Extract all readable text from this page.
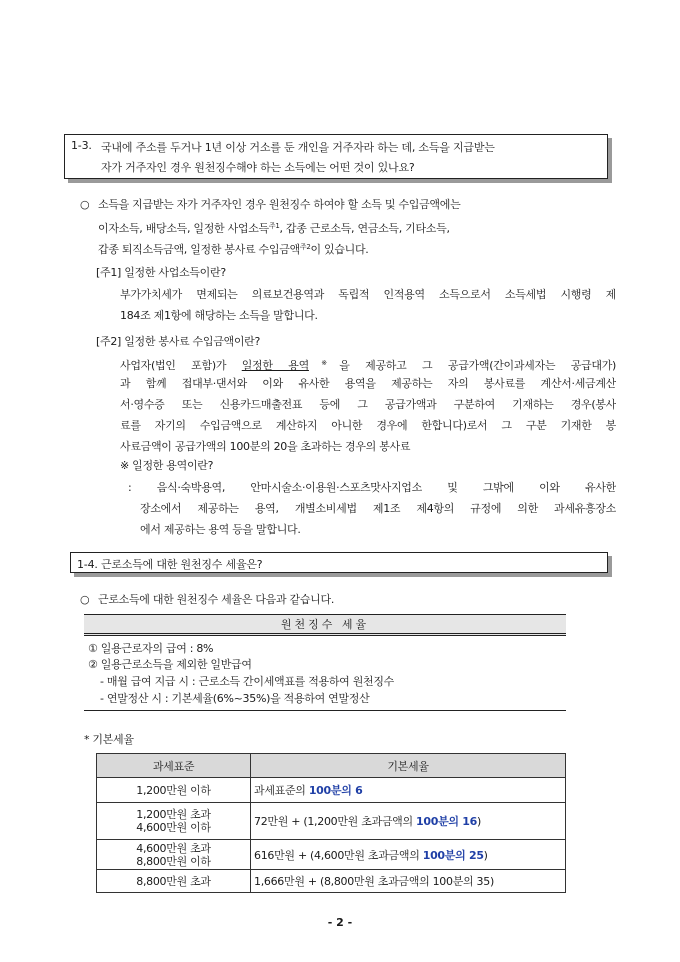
1-3. 국내에 주소를 두거나 1년 이상 거소를 둔 개인을 거주자라 하는 데, 소득을 지급받는
자가 거주자인 경우 원천징수해야 하는 소득에는 어떤 것이 있나요?
○ 소득을 지급받는 자가 거주자인 경우 원천징수 하여야 할 소득 및 수입금액에는
이자소득, 배당소득, 일정한 사업소득$^{주1}$, 갑종 근로소득, 연금소득, 기타소득,
갑종 퇴직소득금액, 일정한 봉사료 수입금액$^{주2}$이 있습니다.
[주1] 일정한 사업소득이란?
부가가치세가 면제되는 의료보건용역과 독립적 인적용역 소득으로서 소득세법 시행령 제
184조 제1항에 해당하는 소득을 말합니다.
[주2] 일정한 봉사료 수입금액이란?
사업자(법인 포함)가 일정한 용역※을 제공하고 그 공급가액(간이과세자는 공급대가)
과 함께 접대부·댄서와 이와 유사한 용역을 제공하는 자의 봉사료를 계산서·세금계산
서·영수증 또는 신용카드매출전표 등에 그 공급가액과 구분하여 기재하는 경우(봉사
료를 자기의 수입금액으로 계산하지 아니한 경우에 한합니다)로서 그 구분 기재한 봉
사료금액이 공급가액의 100분의 20을 초과하는 경우의 봉사료
※ 일정한 용역이란?
: 음식·숙박용역, 안마시술소·이용원·스포츠맛사지업소 및 그밖에 이와 유사한
장소에서 제공하는 용역, 개별소비세법 제1조 제4항의 규정에 의한 과세유흥장소
에서 제공하는 용역 등을 말합니다.
1-4. 근로소득에 대한 원천징수 세율은?
○ 근로소득에 대한 원천징수 세율은 다음과 같습니다.
원천징수 세율
① 일용근로자의 급여 : 8%
② 일용근로소득을 제외한 일반급여
- 매월 급여 지급 시 : 근로소득 간이세액표를 적용하여 원천징수
- 연말정산 시 : 기본세율(6%~35%)을 적용하여 연말정산
* 기본세율
과세표준	기본세율
1,200만원 이하	과세표준의 100분의 6
1,200만원 초과
4,600만원 이하	72만원 + (1,200만원 초과금액의 100분의 16)
4,600만원 초과
8,800만원 이하	616만원 + (4,600만원 초과금액의 100분의 25)
8,800만원 초과	1,666만원 + (8,800만원 초과금액의 100분의 35)
- 2 -
